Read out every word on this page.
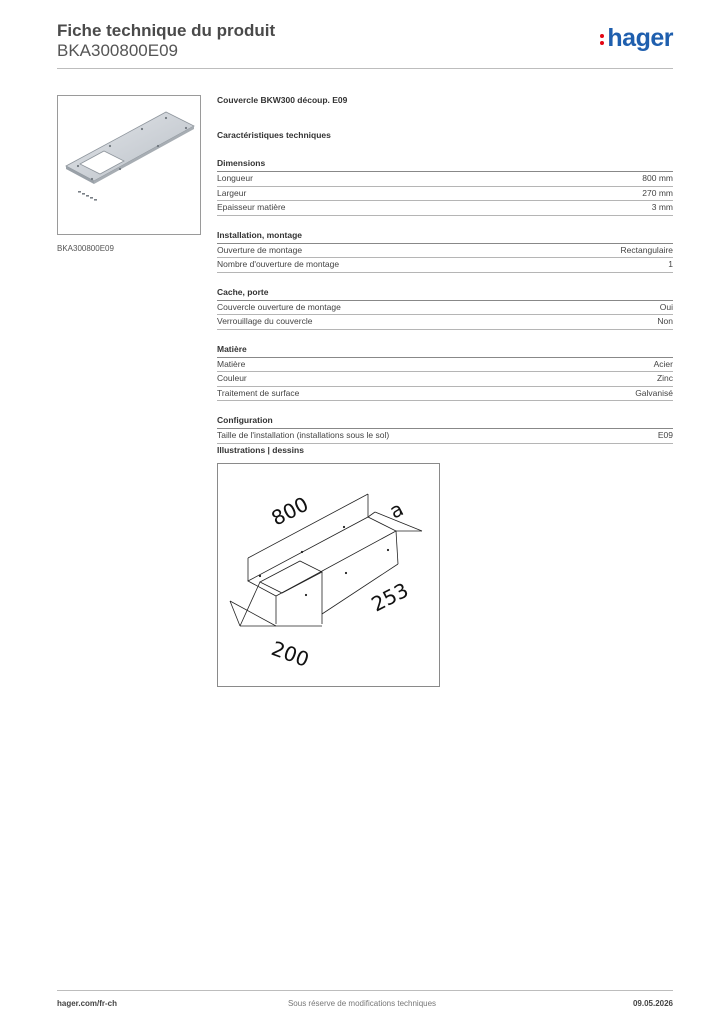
Fiche technique du produit
BKA300800E09	hager
BKA300800E09
Couvercle BKW300 découp. E09
Caractéristiques techniques
Dimensions
Longueur	800 mm
Largeur	270 mm
Epaisseur matière	3 mm
Installation, montage
Ouverture de montage	Rectangulaire
Nombre d'ouverture de montage	1
Cache, porte
Couvercle ouverture de montage	Oui
Verrouillage du couvercle	Non
Matière
Matière	Acier
Couleur	Zinc
Traitement de surface	Galvanisé
Configuration
Taille de l'installation (installations sous le sol)	E09
Illustrations | dessins
800	a
253
200
hager.com/fr-ch	Sous réserve de modifications techniques	09.05.2026
